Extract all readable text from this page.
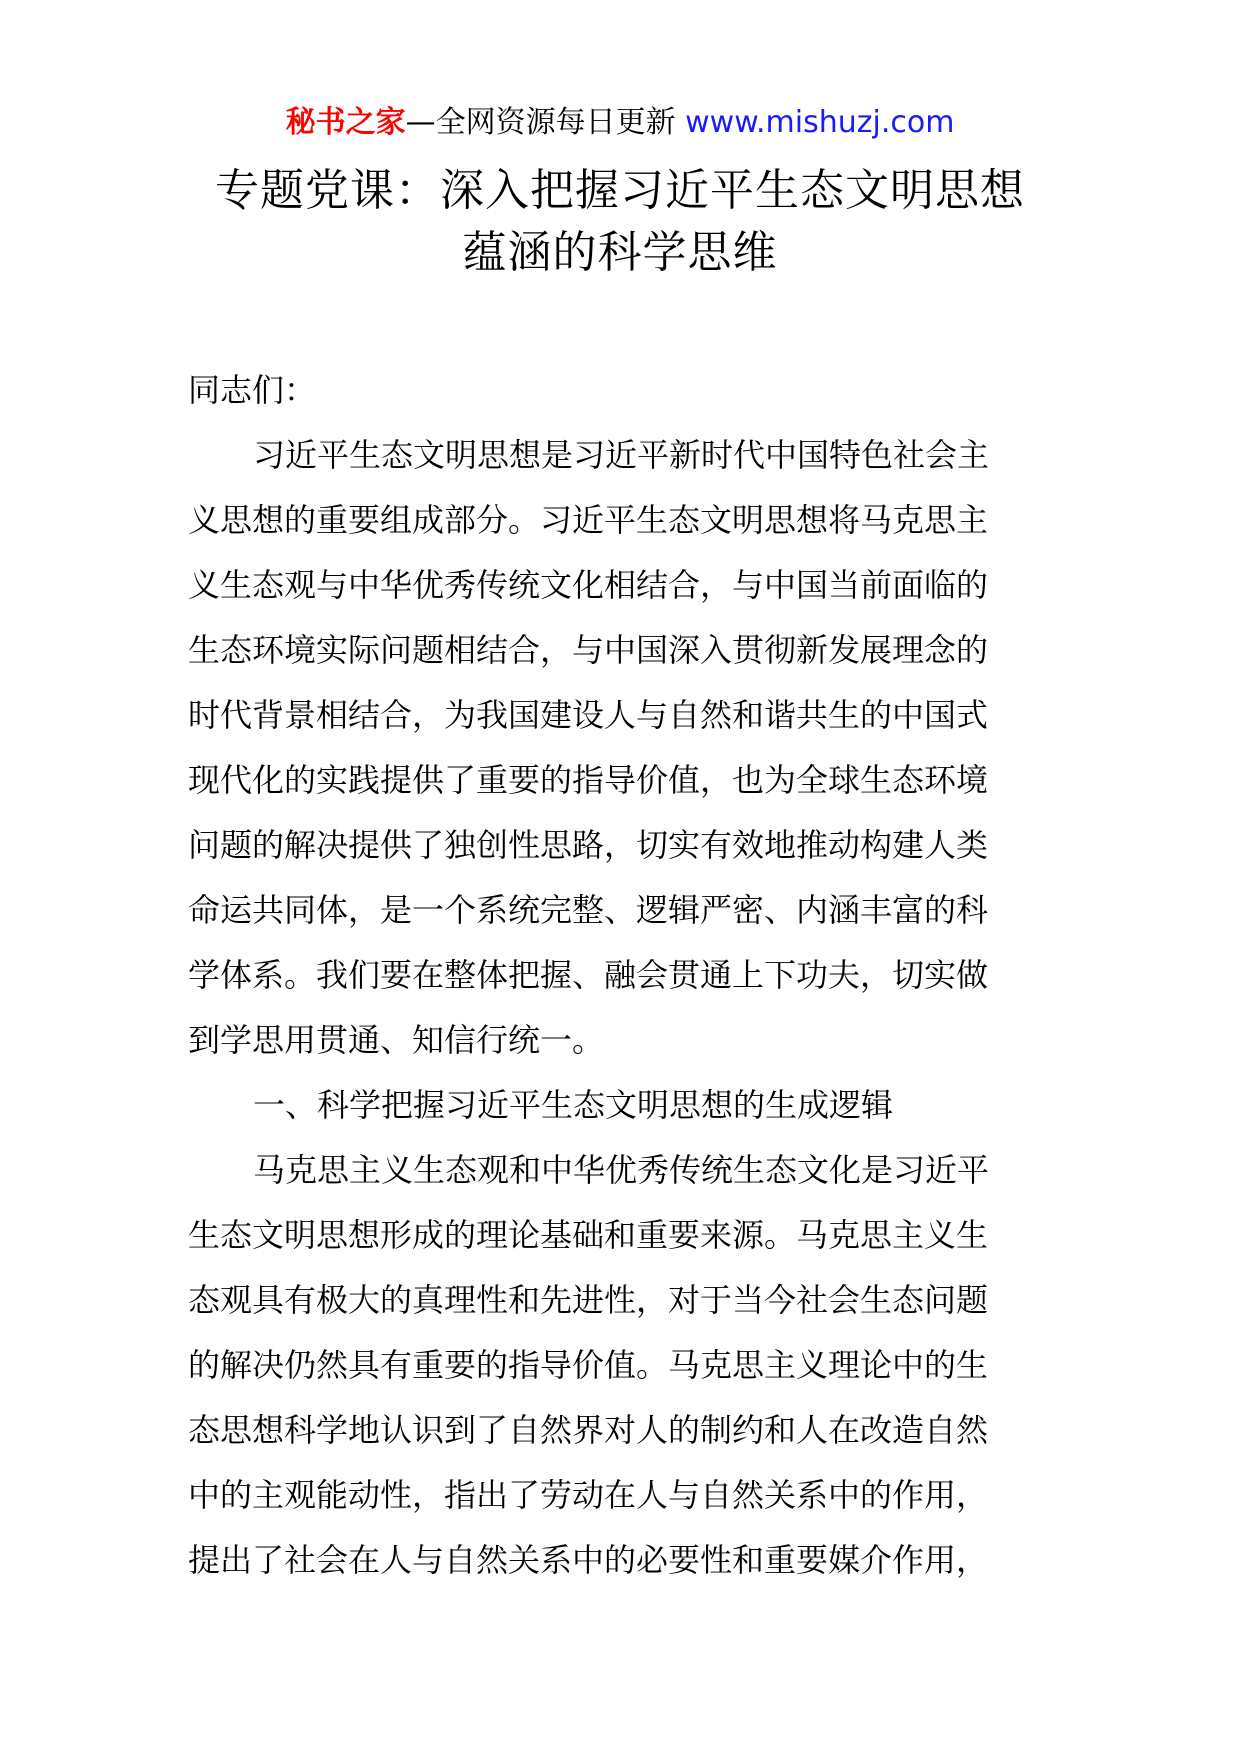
秘书之家—全网资源每日更新 www.mishuzj.com
专题党课：深入把握习近平生态文明思想
蕴涵的科学思维
同志们：
习近平生态文明思想是习近平新时代中国特色社会主
义思想的重要组成部分。习近平生态文明思想将马克思主
义生态观与中华优秀传统文化相结合，与中国当前面临的
生态环境实际问题相结合，与中国深入贯彻新发展理念的
时代背景相结合，为我国建设人与自然和谐共生的中国式
现代化的实践提供了重要的指导价值，也为全球生态环境
问题的解决提供了独创性思路，切实有效地推动构建人类
命运共同体，是一个系统完整、逻辑严密、内涵丰富的科
学体系。我们要在整体把握、融会贯通上下功夫，切实做
到学思用贯通、知信行统一。
一、科学把握习近平生态文明思想的生成逻辑
马克思主义生态观和中华优秀传统生态文化是习近平
生态文明思想形成的理论基础和重要来源。马克思主义生
态观具有极大的真理性和先进性，对于当今社会生态问题
的解决仍然具有重要的指导价值。马克思主义理论中的生
态思想科学地认识到了自然界对人的制约和人在改造自然
中的主观能动性，指出了劳动在人与自然关系中的作用，
提出了社会在人与自然关系中的必要性和重要媒介作用，
